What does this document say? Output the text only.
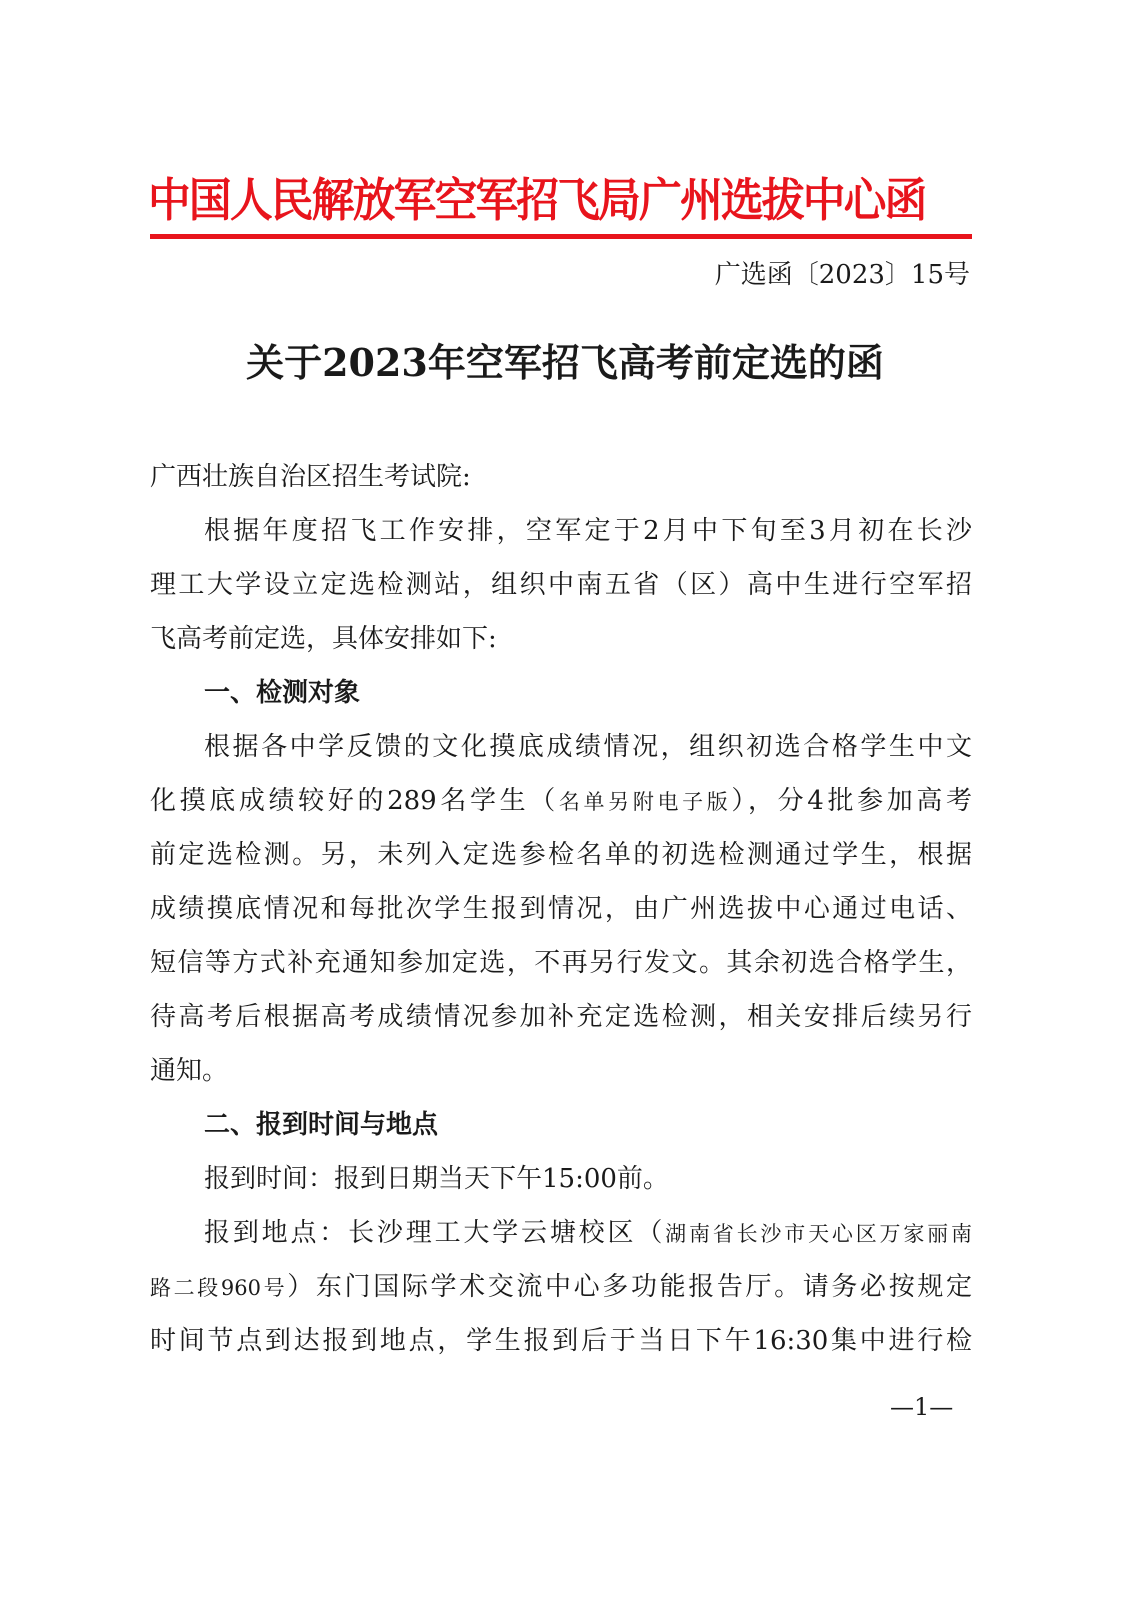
中国人民解放军空军招飞局广州选拔中心函
广选函〔2023〕15号
关于2023年空军招飞高考前定选的函
广西壮族自治区招生考试院:
根据年度招飞工作安排，空军定于2月中下旬至3月初在长沙
理工大学设立定选检测站，组织中南五省（区）高中生进行空军招
飞高考前定选，具体安排如下:
一、检测对象
根据各中学反馈的文化摸底成绩情况，组织初选合格学生中文
化摸底成绩较好的289名学生（名单另附电子版），分4批参加高考
前定选检测。另，未列入定选参检名单的初选检测通过学生，根据
成绩摸底情况和每批次学生报到情况，由广州选拔中心通过电话、
短信等方式补充通知参加定选，不再另行发文。其余初选合格学生，
待高考后根据高考成绩情况参加补充定选检测，相关安排后续另行
通知。
二、报到时间与地点
报到时间：报到日期当天下午15:00前。
报到地点：长沙理工大学云塘校区（湖南省长沙市天心区万家丽南
路二段960号）东门国际学术交流中心多功能报告厅。请务必按规定
时间节点到达报到地点，学生报到后于当日下午16:30集中进行检
—1—
